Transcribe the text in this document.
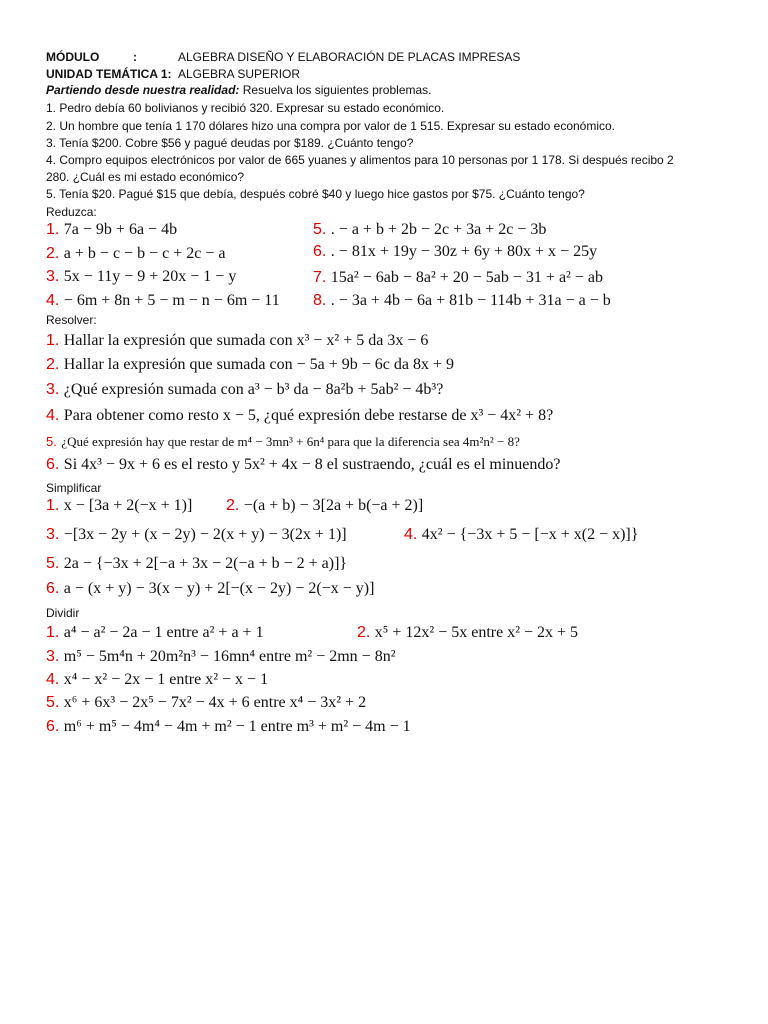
MÓDULO	:	ALGEBRA DISEÑO Y ELABORACIÓN DE PLACAS IMPRESAS
UNIDAD TEMÁTICA 1: ALGEBRA SUPERIOR
Partiendo desde nuestra realidad: Resuelva los siguientes problemas.
1. Pedro debía 60 bolivianos y recibió 320. Expresar su estado económico.
2. Un hombre que tenía 1 170 dólares hizo una compra por valor de 1 515. Expresar su estado económico.
3. Tenía $200. Cobre $56 y pagué deudas por $189. ¿Cuánto tengo?
4. Compro equipos electrónicos por valor de 665 yuanes y alimentos para 10 personas por 1 178. Si después recibo 2
280. ¿Cuál es mi estado económico?
5. Tenía $20. Pagué $15 que debía, después cobré $40 y luego hice gastos por $75. ¿Cuánto tengo?
Reduzca:
1. 7a − 9b + 6a − 4b
2. a + b − c − b − c + 2c − a
3. 5x − 11y − 9 + 20x − 1 − y
4. − 6m + 8n + 5 − m − n − 6m − 11
5. . − a + b + 2b − 2c + 3a + 2c − 3b
6. . − 81x + 19y − 30z + 6y + 80x + x − 25y
7. 15a² − 6ab − 8a² + 20 − 5ab − 31 + a² − ab
8. . − 3a + 4b − 6a + 81b − 114b + 31a − a − b
Resolver:
1. Hallar la expresión que sumada con x³ − x² + 5 da 3x − 6
2. Hallar la expresión que sumada con − 5a + 9b − 6c da 8x + 9
3. ¿Qué expresión sumada con a³ − b³ da − 8a²b + 5ab² − 4b³?
4. Para obtener como resto x − 5, ¿qué expresión debe restarse de x³ − 4x² + 8?
5. ¿Qué expresión hay que restar de m⁴ − 3mn³ + 6n⁴ para que la diferencia sea 4m²n² − 8?
6. Si 4x³ − 9x + 6 es el resto y 5x² + 4x − 8 el sustraendo, ¿cuál es el minuendo?
Simplificar
1. x − [3a + 2(−x + 1)] 2. −(a + b) − 3[2a + b(−a + 2)]
3. −[3x − 2y + (x − 2y) − 2(x + y) − 3(2x + 1)]	4. 4x² − {−3x + 5 − [−x + x(2 − x)]}
5. 2a − {−3x + 2[−a + 3x − 2(−a + b − 2 + a)]}
6. a − (x + y) − 3(x − y) + 2[−(x − 2y) − 2(−x − y)]
Dividir
1. a⁴ − a² − 2a − 1 entre a² + a + 1	2. x⁵ + 12x² − 5x entre x² − 2x + 5
3. m⁵ − 5m⁴n + 20m²n³ − 16mn⁴ entre m² − 2mn − 8n²
4. x⁴ − x² − 2x − 1 entre x² − x − 1
5. x⁶ + 6x³ − 2x⁵ − 7x² − 4x + 6 entre x⁴ − 3x² + 2
6. m⁶ + m⁵ − 4m⁴ − 4m + m² − 1 entre m³ + m² − 4m − 1
